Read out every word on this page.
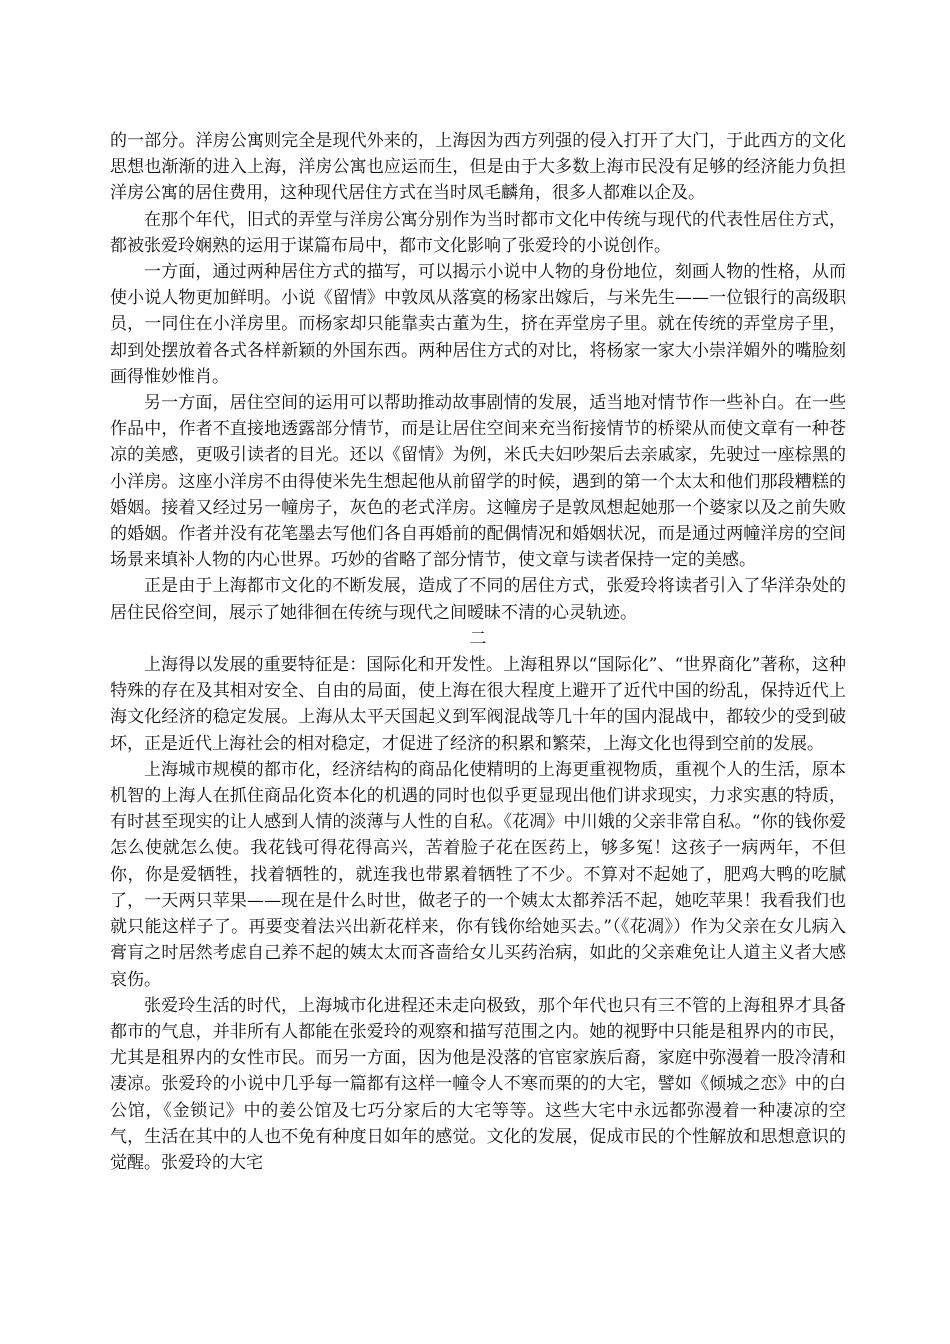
的一部分。洋房公寓则完全是现代外来的，上海因为西方列强的侵入打开了大门，于此西方的文化思想也渐渐的进入上海，洋房公寓也应运而生，但是由于大多数上海市民没有足够的经济能力负担洋房公寓的居住费用，这种现代居住方式在当时凤毛麟角，很多人都难以企及。

在那个年代，旧式的弄堂与洋房公寓分别作为当时都市文化中传统与现代的代表性居住方式，都被张爱玲娴熟的运用于谋篇布局中，都市文化影响了张爱玲的小说创作。

一方面，通过两种居住方式的描写，可以揭示小说中人物的身份地位，刻画人物的性格，从而使小说人物更加鲜明。小说《留情》中敦凤从落寞的杨家出嫁后，与米先生——一位银行的高级职员，一同住在小洋房里。而杨家却只能靠卖古董为生，挤在弄堂房子里。就在传统的弄堂房子里，却到处摆放着各式各样新颖的外国东西。两种居住方式的对比，将杨家一家大小崇洋媚外的嘴脸刻画得惟妙惟肖。

另一方面，居住空间的运用可以帮助推动故事剧情的发展，适当地对情节作一些补白。在一些作品中，作者不直接地透露部分情节，而是让居住空间来充当衔接情节的桥梁从而使文章有一种苍凉的美感，更吸引读者的目光。还以《留情》为例，米氏夫妇吵架后去亲戚家，先驶过一座棕黑的小洋房。这座小洋房不由得使米先生想起他从前留学的时候，遇到的第一个太太和他们那段糟糕的婚姻。接着又经过另一幢房子，灰色的老式洋房。这幢房子是敦凤想起她那一个婆家以及之前失败的婚姻。作者并没有花笔墨去写他们各自再婚前的配偶情况和婚姻状况，而是通过两幢洋房的空间场景来填补人物的内心世界。巧妙的省略了部分情节，使文章与读者保持一定的美感。

正是由于上海都市文化的不断发展，造成了不同的居住方式，张爱玲将读者引入了华洋杂处的居住民俗空间，展示了她徘徊在传统与现代之间暧昧不清的心灵轨迹。

二

上海得以发展的重要特征是：国际化和开发性。上海租界以“国际化”、“世界商化”著称，这种特殊的存在及其相对安全、自由的局面，使上海在很大程度上避开了近代中国的纷乱，保持近代上海文化经济的稳定发展。上海从太平天国起义到军阀混战等几十年的国内混战中，都较少的受到破坏，正是近代上海社会的相对稳定，才促进了经济的积累和繁荣，上海文化也得到空前的发展。

上海城市规模的都市化，经济结构的商品化使精明的上海更重视物质，重视个人的生活，原本机智的上海人在抓住商品化资本化的机遇的同时也似乎更显现出他们讲求现实，力求实惠的特质，有时甚至现实的让人感到人情的淡薄与人性的自私。《花凋》中川娥的父亲非常自私。“你的钱你爱怎么使就怎么使。我花钱可得花得高兴，苦着脸子花在医药上，够多冤！这孩子一病两年，不但你，你是爱牺牲，找着牺牲的，就连我也带累着牺牲了不少。不算对不起她了，肥鸡大鸭的吃腻了，一天两只苹果——现在是什么时世，做老子的一个姨太太都养活不起，她吃苹果！我看我们也就只能这样子了。再要变着法兴出新花样来，你有钱你给她买去。”（《花凋》）作为父亲在女儿病入膏肓之时居然考虑自己养不起的姨太太而吝啬给女儿买药治病，如此的父亲难免让人道主义者大感哀伤。

张爱玲生活的时代，上海城市化进程还未走向极致，那个年代也只有三不管的上海租界才具备都市的气息，并非所有人都能在张爱玲的观察和描写范围之内。她的视野中只能是租界内的市民，尤其是租界内的女性市民。而另一方面，因为他是没落的官宦家族后裔，家庭中弥漫着一股冷清和凄凉。张爱玲的小说中几乎每一篇都有这样一幢令人不寒而栗的的大宅，譬如《倾城之恋》中的白公馆，《金锁记》中的姜公馆及七巧分家后的大宅等等。这些大宅中永远都弥漫着一种凄凉的空气，生活在其中的人也不免有种度日如年的感觉。文化的发展，促成市民的个性解放和思想意识的觉醒。张爱玲的大宅
